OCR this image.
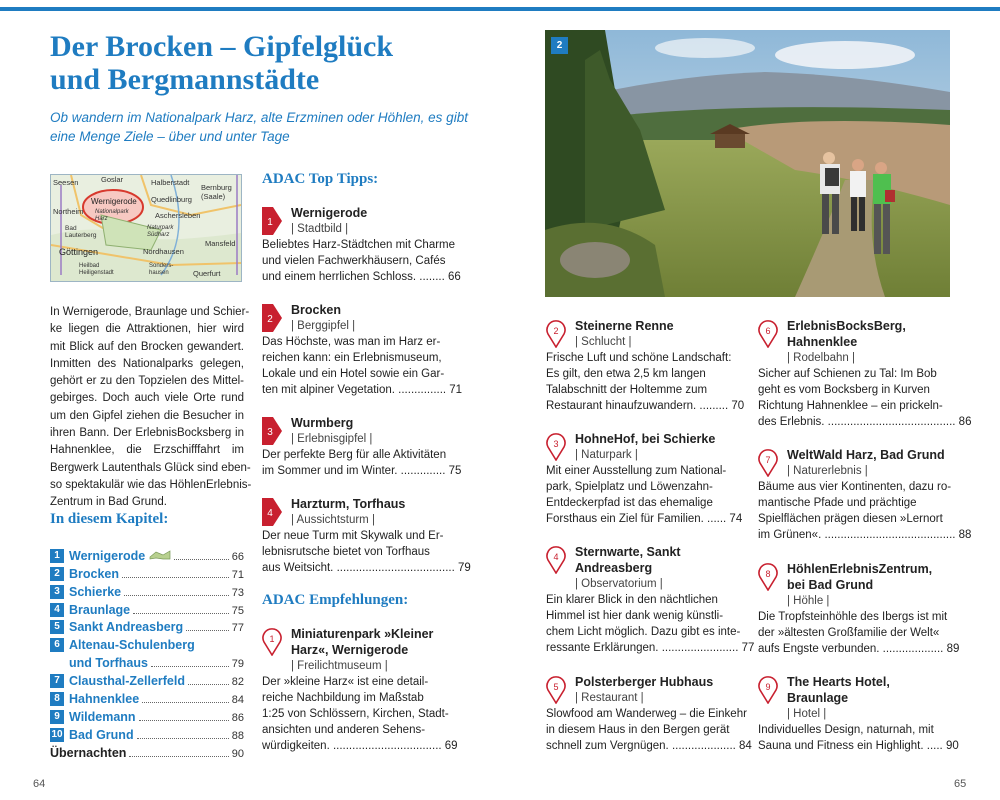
Der Brocken – Gipfelglück
und Bergmannstädte
Ob wandern im Nationalpark Harz, alte Erzminen oder Höhlen, es gibt
eine Menge Ziele – über und unter Tage
Seesen	Goslar	Halberstadt
Bernburg (Saale)
Wernigerode
Nationalpark Harz
Northeim
Quedlinburg
Aschersleben
Bad Lauterberg
Naturpark Südharz
Göttingen	Nordhausen
Mansfeld
Heilbad Heiligenstadt
Sonders-hausen	Querfurt
In Wernigerode, Braunlage und Schier-
ke liegen die Attraktionen, hier wird
mit Blick auf den Brocken gewandert.
Inmitten des Nationalparks gelegen,
gehört er zu den Topzielen des Mittel-
gebirges. Doch auch viele Orte rund
um den Gipfel ziehen die Besucher in
ihren Bann. Der ErlebnisBocksberg in
Hahnenklee, die Erzschifffahrt im
Bergwerk Lautenthals Glück sind eben-
so spektakulär wie das HöhlenErlebnis-
Zentrum in Bad Grund.
In diesem Kapitel:
1 Wernigerode	66
2 Brocken	71
3 Schierke	73
4 Braunlage	75
5 Sankt Andreasberg	77
6 Altenau-Schulenberg
und Torfhaus	79
7 Clausthal-Zellerfeld	82
8 Hahnenklee	84
9 Wildemann	86
10 Bad Grund	88
Übernachten	90
ADAC Top Tipps:
1
Wernigerode
| Stadtbild |
Beliebtes Harz-Städtchen mit Charme
und vielen Fachwerkhäusern, Cafés
und einem herrlichen Schloss. ........ 66
2
Brocken
| Berggipfel |
Das Höchste, was man im Harz er-
reichen kann: ein Erlebnismuseum,
Lokale und ein Hotel sowie ein Gar-
ten mit alpiner Vegetation. ............... 71
3
Wurmberg
| Erlebnisgipfel |
Der perfekte Berg für alle Aktivitäten
im Sommer und im Winter. .............. 75
4
Harzturm, Torfhaus
| Aussichtsturm |
Der neue Turm mit Skywalk und Er-
lebnisrutsche bietet von Torfhaus
aus Weitsicht. ..................................... 79
ADAC Empfehlungen:
1 Miniaturenpark »Kleiner
Harz«, Wernigerode
| Freilichtmuseum |
Der »kleine Harz« ist eine detail-
reiche Nachbildung im Maßstab
1:25 von Schlössern, Kirchen, Stadt-
ansichten und anderen Sehens-
würdigkeiten. .................................. 69
2
2 Steinerne Renne
| Schlucht |
Frische Luft und schöne Landschaft:
Es gilt, den etwa 2,5 km langen
Talabschnitt der Holtemme zum
Restaurant hinaufzuwandern. ......... 70
3 HohneHof, bei Schierke
| Naturpark |
Mit einer Ausstellung zum National-
park, Spielplatz und Löwenzahn-
Entdeckerpfad ist das ehemalige
Forsthaus ein Ziel für Familien. ...... 74
4 Sternwarte, Sankt
Andreasberg
| Observatorium |
Ein klarer Blick in den nächtlichen
Himmel ist hier dank wenig künstli-
chem Licht möglich. Dazu gibt es inte-
ressante Erklärungen. ........................ 77
5 Polsterberger Hubhaus
| Restaurant |
Slowfood am Wanderweg – die Einkehr
in diesem Haus in den Bergen gerät
schnell zum Vergnügen. .................... 84
6 ErlebnisBocksBerg,
Hahnenklee
| Rodelbahn |
Sicher auf Schienen zu Tal: Im Bob
geht es vom Bocksberg in Kurven
Richtung Hahnenklee – ein prickeln-
des Erlebnis. ........................................ 86
7 WeltWald Harz, Bad Grund
| Naturerlebnis |
Bäume aus vier Kontinenten, dazu ro-
mantische Pfade und prächtige
Spielflächen prägen diesen »Lernort
im Grünen«. ......................................... 88
8 HöhlenErlebnisZentrum,
bei Bad Grund
| Höhle |
Die Tropfsteinhöhle des Ibergs ist mit
der »ältesten Großfamilie der Welt«
aufs Engste verbunden. ................... 89
9 The Hearts Hotel,
Braunlage
| Hotel |
Individuelles Design, naturnah, mit
Sauna und Fitness ein Highlight. ..... 90
64	65
